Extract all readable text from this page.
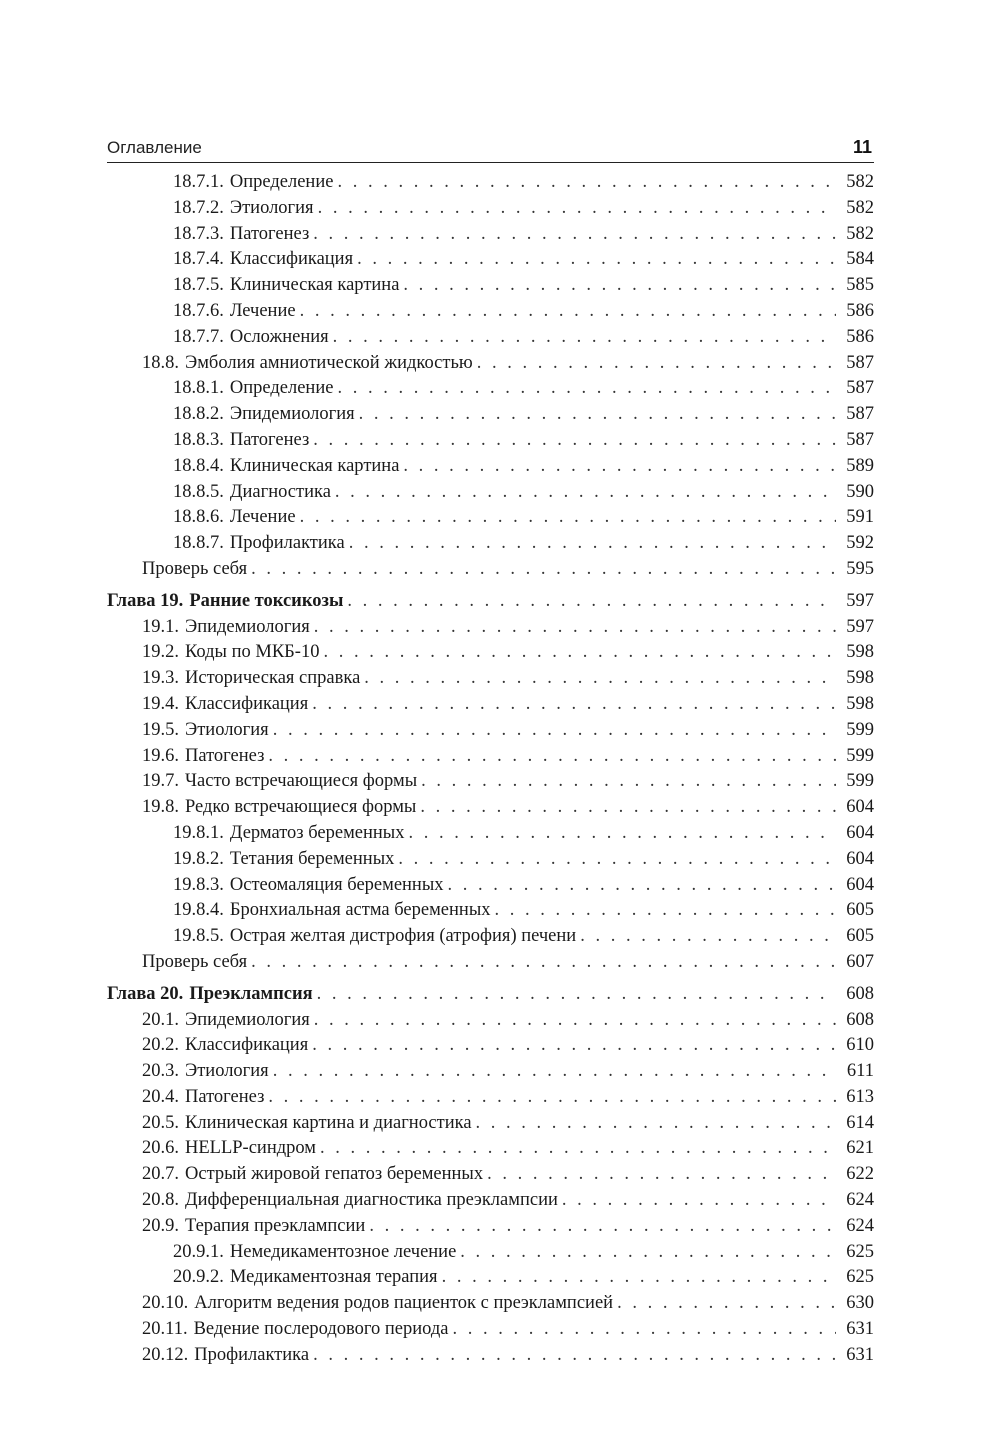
Оглавление	11
18.7.1. Определение . . .	582
18.7.2. Этиология . . .	582
18.7.3. Патогенез . . .	582
18.7.4. Классификация . . .	584
18.7.5. Клиническая картина . . .	585
18.7.6. Лечение . . .	586
18.7.7. Осложнения . . .	586
18.8. Эмболия амниотической жидкостью . . .	587
18.8.1. Определение . . .	587
18.8.2. Эпидемиология . . .	587
18.8.3. Патогенез . . .	587
18.8.4. Клиническая картина . . .	589
18.8.5. Диагностика . . .	590
18.8.6. Лечение . . .	591
18.8.7. Профилактика . . .	592
Проверь себя . . .	595
Глава 19. Ранние токсикозы . . .	597
19.1. Эпидемиология . . .	597
19.2. Коды по МКБ-10 . . .	598
19.3. Историческая справка . . .	598
19.4. Классификация . . .	598
19.5. Этиология . . .	599
19.6. Патогенез . . .	599
19.7. Часто встречающиеся формы . . .	599
19.8. Редко встречающиеся формы . . .	604
19.8.1. Дерматоз беременных . . .	604
19.8.2. Тетания беременных . . .	604
19.8.3. Остеомаляция беременных . . .	604
19.8.4. Бронхиальная астма беременных . . .	605
19.8.5. Острая желтая дистрофия (атрофия) печени . . .	605
Проверь себя . . .	607
Глава 20. Преэклампсия . . .	608
20.1. Эпидемиология . . .	608
20.2. Классификация . . .	610
20.3. Этиология . . .	611
20.4. Патогенез . . .	613
20.5. Клиническая картина и диагностика . . .	614
20.6. HELLP-синдром . . .	621
20.7. Острый жировой гепатоз беременных . . .	622
20.8. Дифференциальная диагностика преэклампсии . . .	624
20.9. Терапия преэклампсии . . .	624
20.9.1. Немедикаментозное лечение . . .	625
20.9.2. Медикаментозная терапия . . .	625
20.10. Алгоритм ведения родов пациенток с преэклампсией . . .	630
20.11. Ведение послеродового периода . . .	631
20.12. Профилактика . . .	631
